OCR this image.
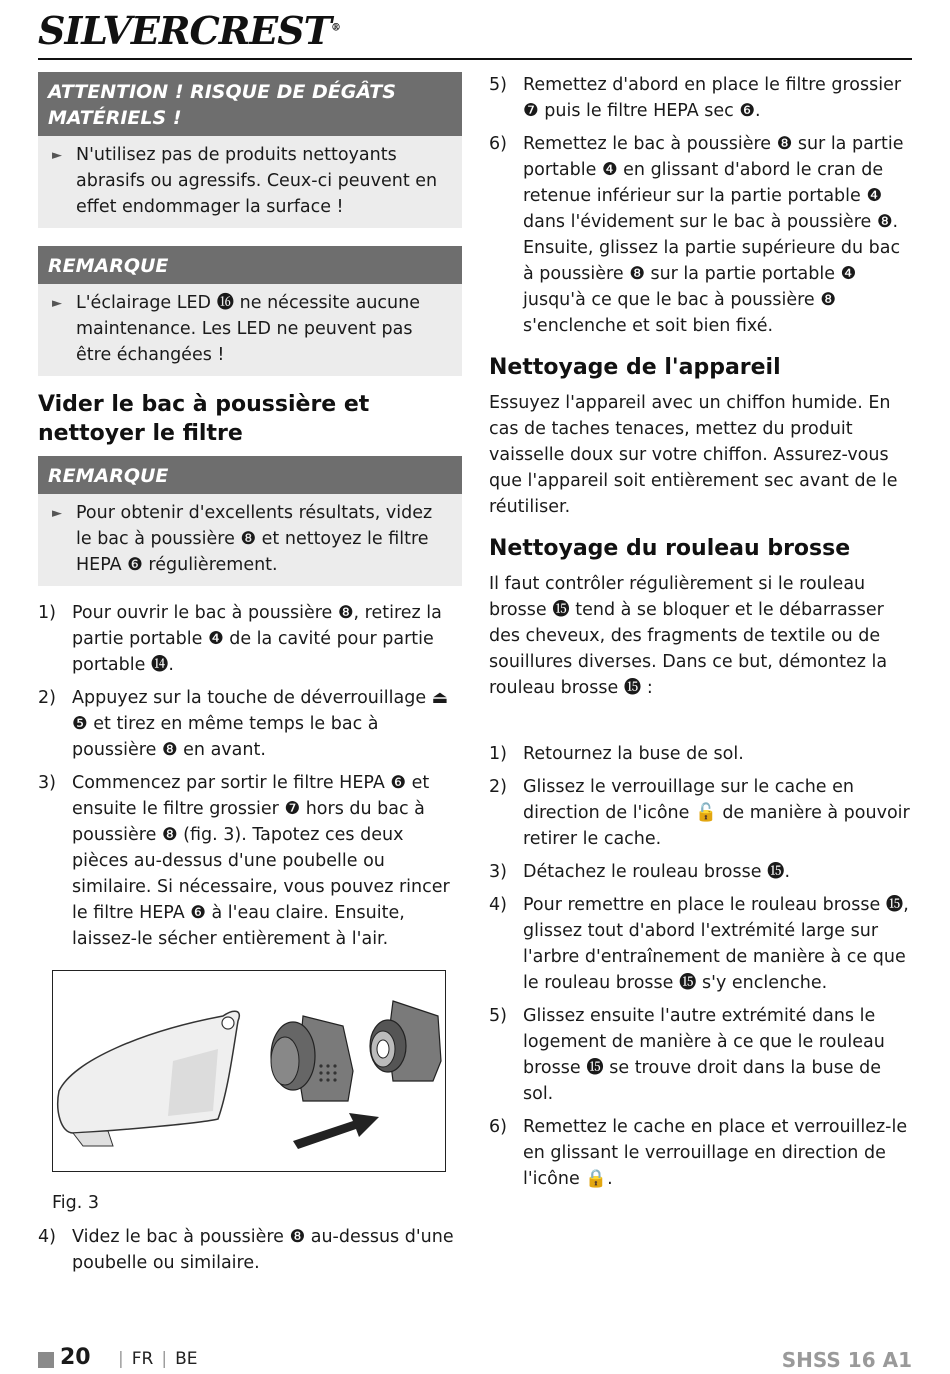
SILVERCREST®
ATTENTION ! RISQUE DE DÉGÂTS MATÉRIELS !
► N'utilisez pas de produits nettoyants abrasifs ou agressifs. Ceux-ci peuvent en effet endommager la surface !
REMARQUE
► L'éclairage LED ⓰ ne nécessite aucune maintenance. Les LED ne peuvent pas être échangées !
Vider le bac à poussière et nettoyer le filtre
REMARQUE
► Pour obtenir d'excellents résultats, videz le bac à poussière ❽ et nettoyez le filtre HEPA ❻ régulièrement.
1) Pour ouvrir le bac à poussière ❽, retirez la partie portable ❹ de la cavité pour partie portable ⓮.
2) Appuyez sur la touche de déverrouillage ⏏ ❺ et tirez en même temps le bac à poussière ❽ en avant.
3) Commencez par sortir le filtre HEPA ❻ et ensuite le filtre grossier ❼ hors du bac à poussière ❽ (fig. 3). Tapotez ces deux pièces au-dessus d'une poubelle ou similaire. Si nécessaire, vous pouvez rincer le filtre HEPA ❻ à l'eau claire. Ensuite, laissez-le sécher entièrement à l'air.
Fig. 3
4) Videz le bac à poussière ❽ au-dessus d'une poubelle ou similaire.
5) Remettez d'abord en place le filtre grossier ❼ puis le filtre HEPA sec ❻.
6) Remettez le bac à poussière ❽ sur la partie portable ❹ en glissant d'abord le cran de retenue inférieur sur la partie portable ❹ dans l'évidement sur le bac à poussière ❽. Ensuite, glissez la partie supérieure du bac à poussière ❽ sur la partie portable ❹ jusqu'à ce que le bac à poussière ❽ s'enclenche et soit bien fixé.
Nettoyage de l'appareil

Essuyez l'appareil avec un chiffon humide. En cas de taches tenaces, mettez du produit vaisselle doux sur votre chiffon. Assurez-vous que l'appareil soit entièrement sec avant de le réutiliser.

Nettoyage du rouleau brosse

Il faut contrôler régulièrement si le rouleau brosse ⓯ tend à se bloquer et le débarrasser des cheveux, des fragments de textile ou de souillures diverses. Dans ce but, démontez la rouleau brosse ⓯ :

1) Retournez la buse de sol.
2) Glissez le verrouillage sur le cache en direction de l'icône 🔓 de manière à pouvoir retirer le cache.
3) Détachez le rouleau brosse ⓯.
4) Pour remettre en place le rouleau brosse ⓯, glissez tout d'abord l'extrémité large sur l'arbre d'entraînement de manière à ce que le rouleau brosse ⓯ s'y enclenche.
5) Glissez ensuite l'autre extrémité dans le logement de manière à ce que le rouleau brosse ⓯ se trouve droit dans la buse de sol.
6) Remettez le cache en place et verrouillez-le en glissant le verrouillage en direction de l'icône 🔒.
20	| FR | BE	SHSS 16 A1
